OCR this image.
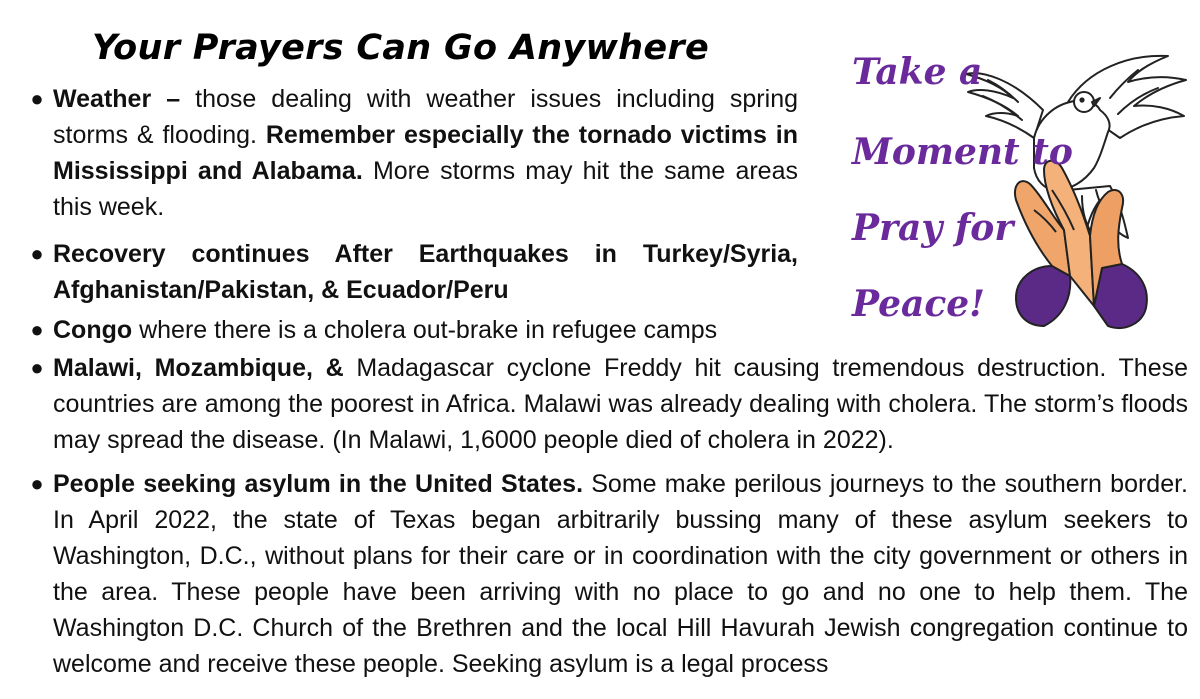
Your Prayers Can Go Anywhere
Take a
Moment to
Pray for
Peace!
● Weather – those dealing with weather issues including spring storms & flooding. Remember especially the tornado victims in Mississippi and Alabama. More storms may hit the same areas this week.
● Recovery continues After Earthquakes in Turkey/Syria, Afghanistan/Pakistan, & Ecuador/Peru
● Congo where there is a cholera out-brake in refugee camps
● Malawi, Mozambique, & Madagascar cyclone Freddy hit causing tremendous destruction. These countries are among the poorest in Africa. Malawi was already dealing with cholera. The storm’s floods may spread the disease. (In Malawi, 1,6000 people died of cholera in 2022).
● People seeking asylum in the United States. Some make perilous journeys to the southern border. In April 2022, the state of Texas began arbitrarily bussing many of these asylum seekers to Washington, D.C., without plans for their care or in coordination with the city government or others in the area. These people have been arriving with no place to go and no one to help them. The Washington D.C. Church of the Brethren and the local Hill Havurah Jewish congregation continue to welcome and receive these people. Seeking asylum is a legal process
